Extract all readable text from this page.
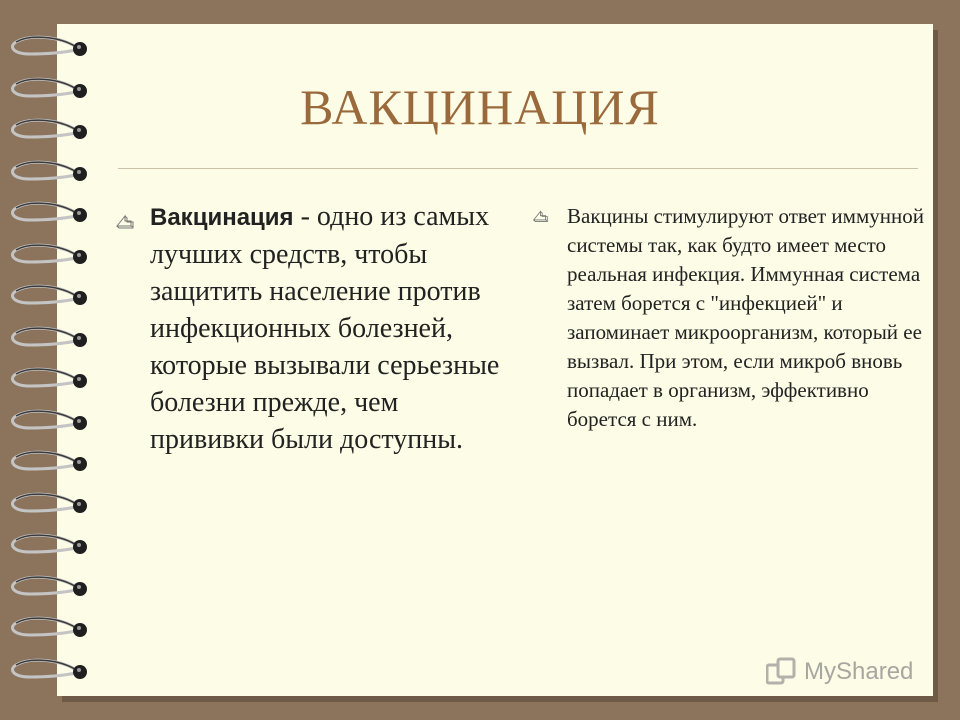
ВАКЦИНАЦИЯ
Вакцинация - одно из самых лучших средств, чтобы защитить население против инфекционных болезней, которые вызывали серьезные болезни прежде, чем прививки были доступны.
Вакцины стимулируют ответ иммунной системы так, как будто имеет место реальная инфекция. Иммунная система затем борется с "инфекцией" и запоминает микроорганизм, который ее вызвал. При этом, если микроб вновь попадает в организм, эффективно борется с ним.
MyShared
